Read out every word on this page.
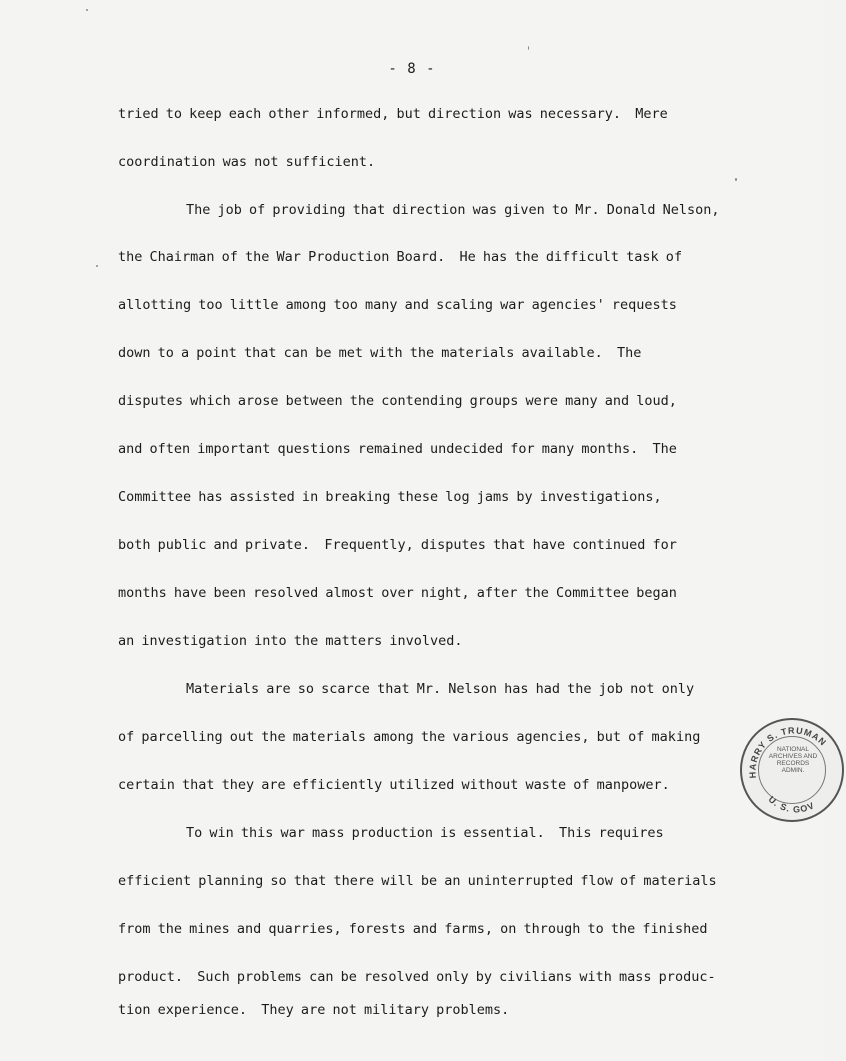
- 8 -
tried to keep each other informed, but direction was necessary.  Mere
coordination was not sufficient.
The job of providing that direction was given to Mr. Donald Nelson,
the Chairman of the War Production Board.  He has the difficult task of
allotting too little among too many and scaling war agencies' requests
down to a point that can be met with the materials available.  The
disputes which arose between the contending groups were many and loud,
and often important questions remained undecided for many months.  The
Committee has assisted in breaking these log jams by investigations,
both public and private.  Frequently, disputes that have continued for
months have been resolved almost over night, after the Committee began
an investigation into the matters involved.
Materials are so scarce that Mr. Nelson has had the job not only
of parcelling out the materials among the various agencies, but of making
certain that they are efficiently utilized without waste of manpower.
To win this war mass production is essential.  This requires
efficient planning so that there will be an uninterrupted flow of materials
from the mines and quarries, forests and farms, on through to the finished
product.  Such problems can be resolved only by civilians with mass produc-
tion experience.  They are not military problems.
HARRY S. TRUMAN
U. S. GOV
NATIONAL
ARCHIVES AND
RECORDS
ADMIN.
